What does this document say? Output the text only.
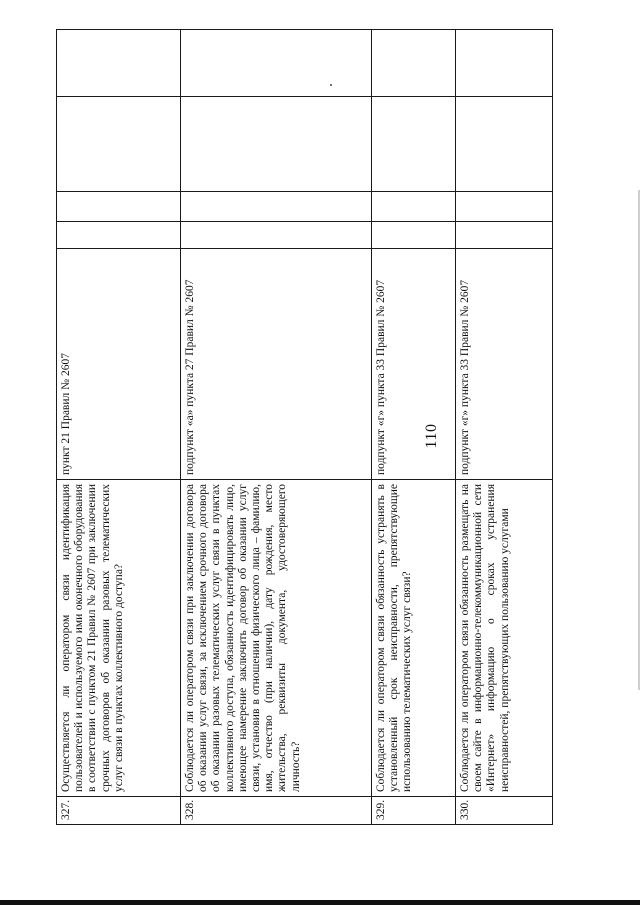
110
327.	Осуществляется ли оператором связи идентификация пользователей и используемого ими оконечного оборудования в соответствии с пунктом 21 Правил № 2607 при заключении срочных договоров об оказании разовых телематических услуг связи в пунктах коллективного доступа?	пункт 21 Правил № 2607				
328.	Соблюдается ли оператором связи при заключении договора об оказании услуг связи, за исключением срочного договора об оказании разовых телематических услуг связи в пунктах коллективного доступа, обязанность идентифицировать лицо, имеющее намерение заключить договор об оказании услуг связи, установив в отношении физического лица – фамилию, имя, отчество (при наличии), дату рождения, место жительства, реквизиты документа, удостоверяющего личность?	подпункт «а» пункта 27 Правил № 2607				
329.	Соблюдается ли оператором связи обязанность устранять в установленный срок неисправности, препятствующие использованию телематических услуг связи?	подпункт «г» пункта 33 Правил № 2607				
330.	Соблюдается ли оператором связи обязанность размещать на своем сайте в информационно-телекоммуникационной сети «Интернет» информацию о сроках устранения неисправностей, препятствующих пользованию услугами	подпункт «г» пункта 33 Правил № 2607				
